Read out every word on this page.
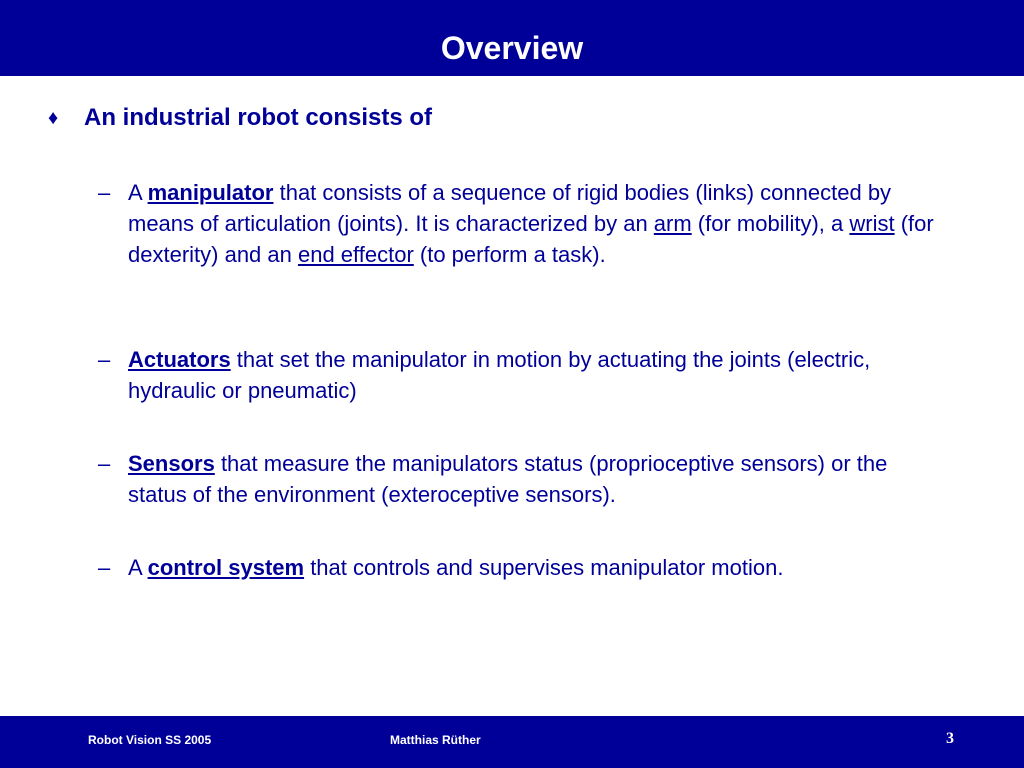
Overview
♦	An industrial robot consists of
– A manipulator that consists of a sequence of rigid bodies (links) connected by means of articulation (joints). It is characterized by an arm (for mobility), a wrist (for dexterity) and an end effector (to perform a task).
– Actuators that set the manipulator in motion by actuating the joints (electric, hydraulic or pneumatic)
– Sensors that measure the manipulators status (proprioceptive sensors) or the status of the environment (exteroceptive sensors).
– A control system that controls and supervises manipulator motion.
Robot Vision SS 2005	Matthias Rüther	3
